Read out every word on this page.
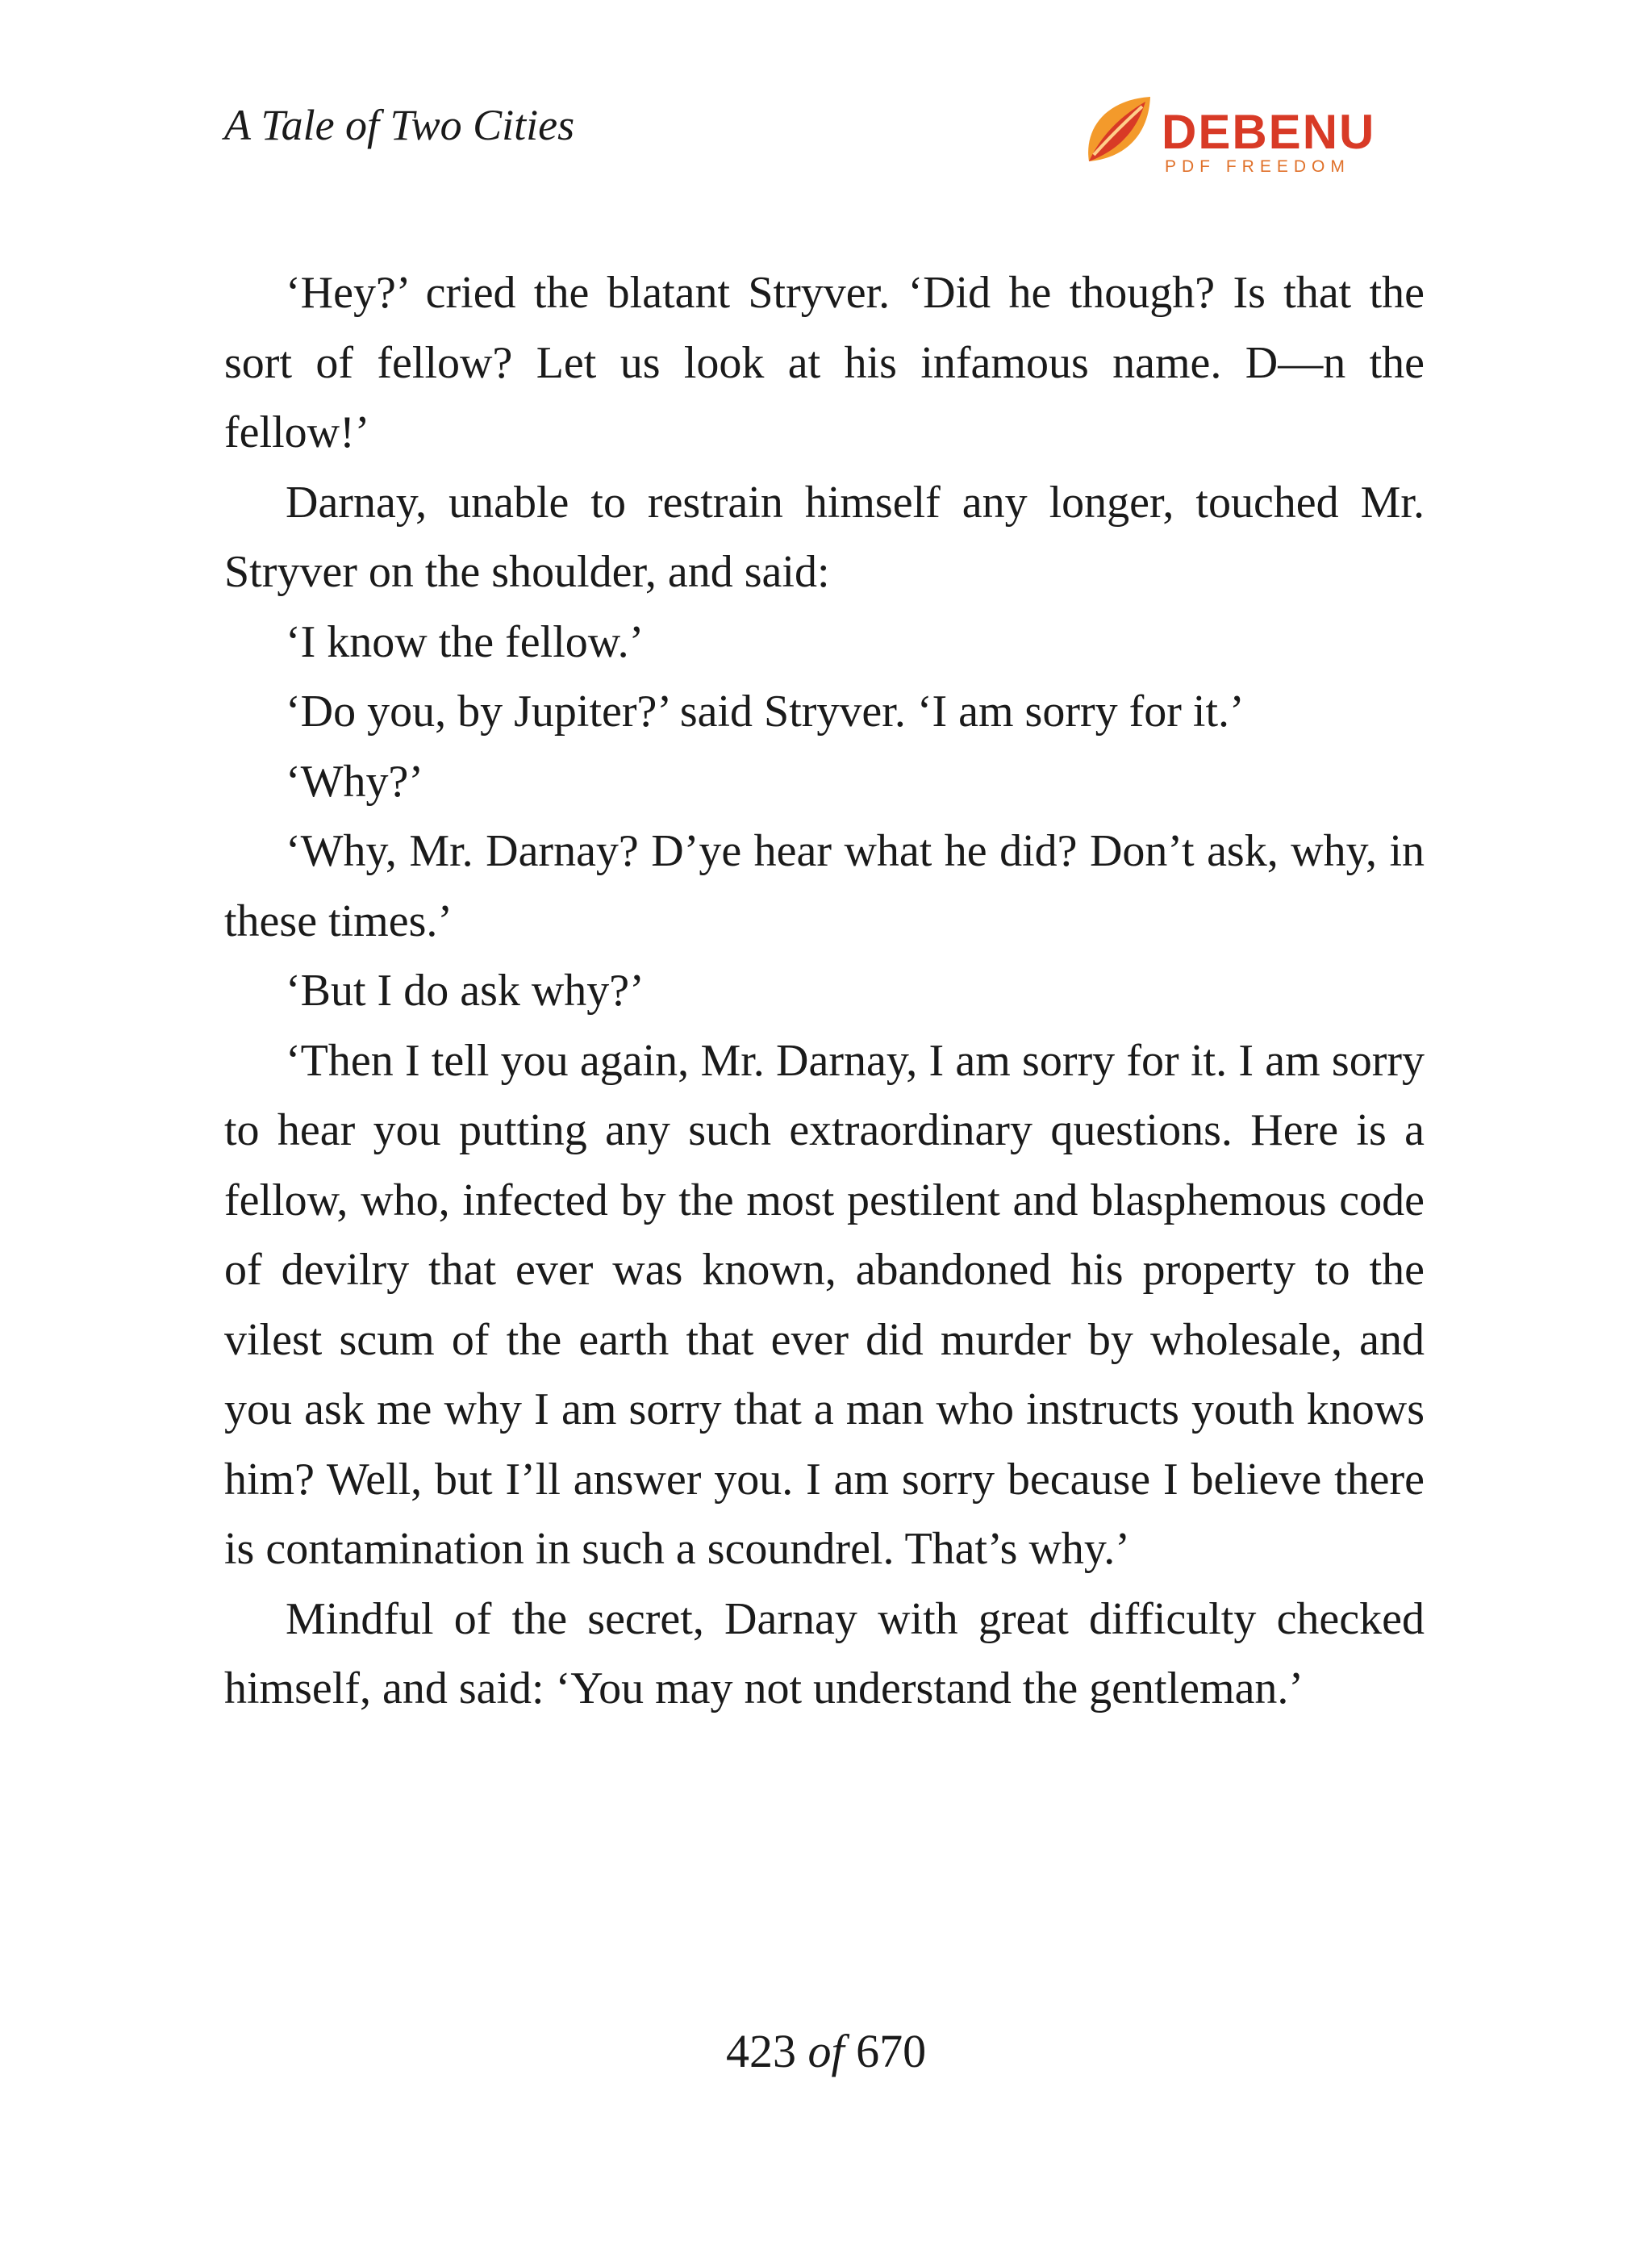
A Tale of Two Cities	DEBENU
PDF FREEDOM

‘Hey?’ cried the blatant Stryver. ‘Did he though? Is that the sort of fellow? Let us look at his infamous name. D—n the fellow!’

Darnay, unable to restrain himself any longer, touched Mr. Stryver on the shoulder, and said:

‘I know the fellow.’

‘Do you, by Jupiter?’ said Stryver. ‘I am sorry for it.’

‘Why?’

‘Why, Mr. Darnay? D’ye hear what he did? Don’t ask, why, in these times.’

‘But I do ask why?’

‘Then I tell you again, Mr. Darnay, I am sorry for it. I am sorry to hear you putting any such extraordinary questions. Here is a fellow, who, infected by the most pestilent and blasphemous code of devilry that ever was known, abandoned his property to the vilest scum of the earth that ever did murder by wholesale, and you ask me why I am sorry that a man who instructs youth knows him? Well, but I’ll answer you. I am sorry because I believe there is contamination in such a scoundrel. That’s why.’

Mindful of the secret, Darnay with great difficulty checked himself, and said: ‘You may not understand the gentleman.’

423 of 670
